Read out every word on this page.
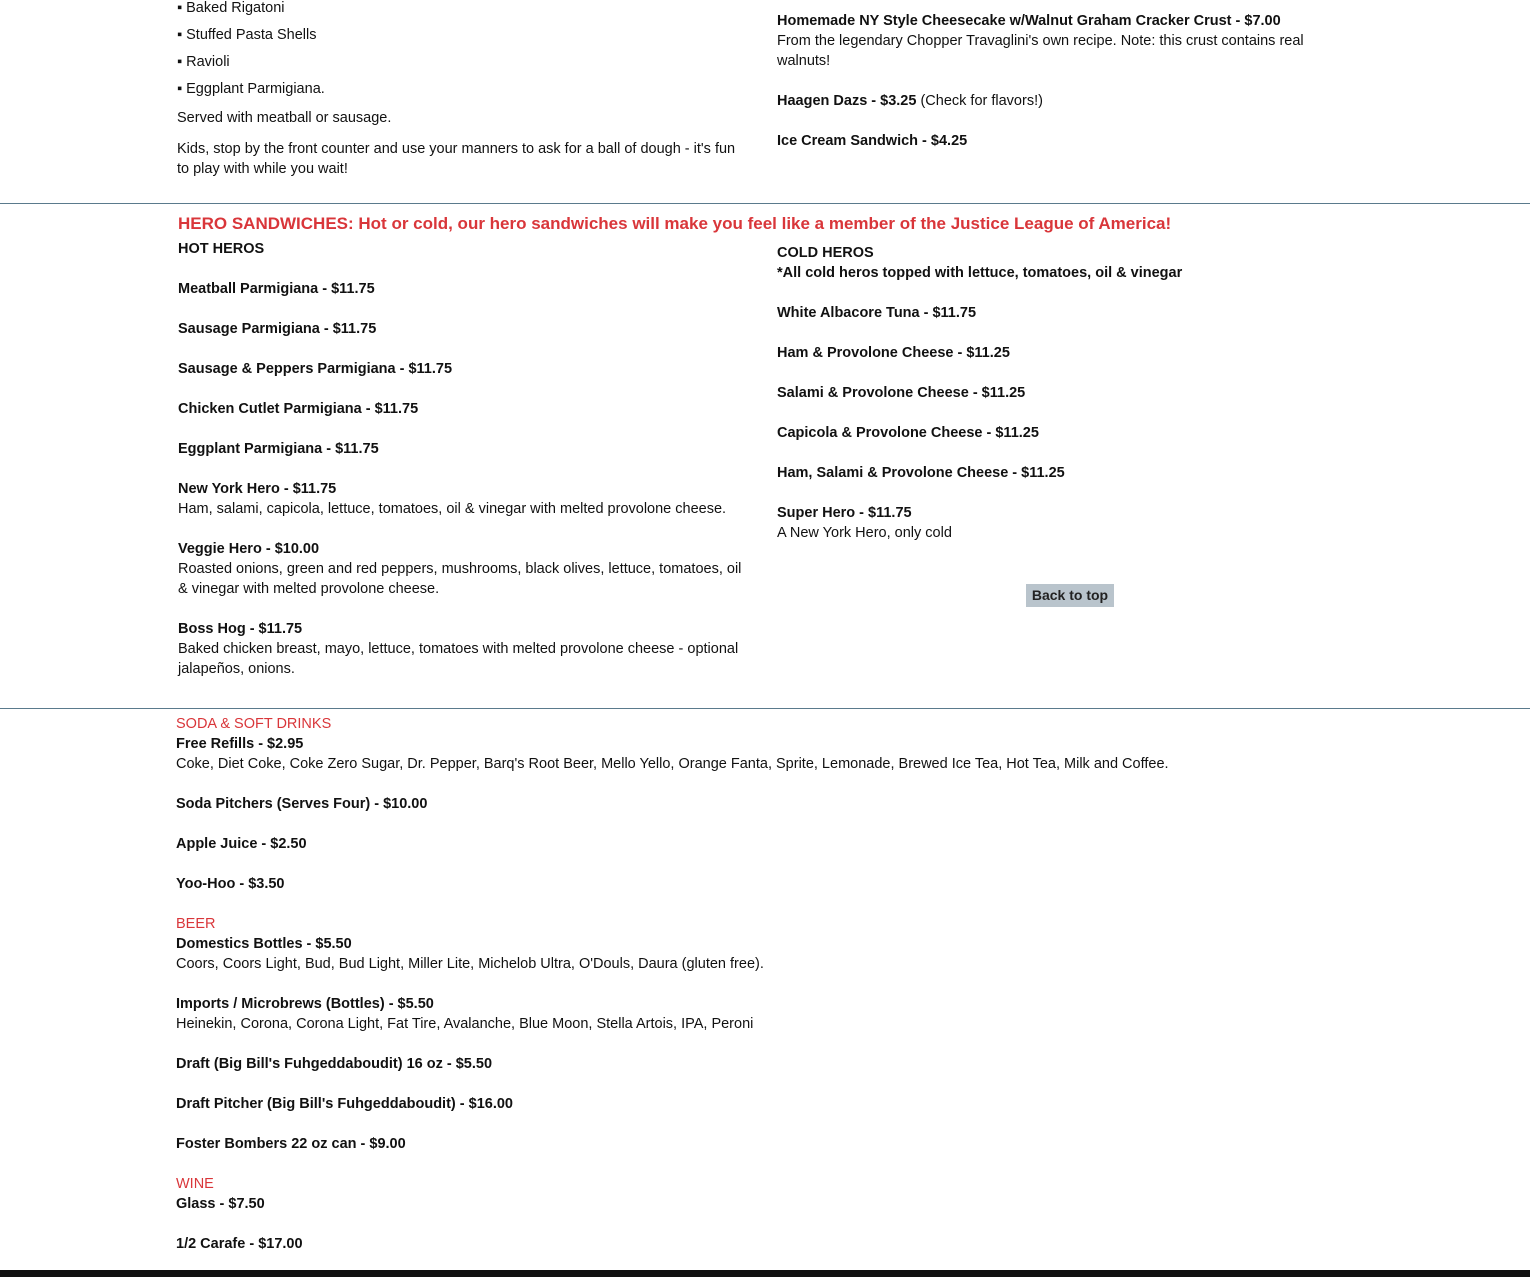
▪ Baked Rigatoni
▪ Stuffed Pasta Shells
▪ Ravioli
▪ Eggplant Parmigiana.

Served with meatball or sausage.

Kids, stop by the front counter and use your manners to ask for a ball of dough - it's fun to play with while you wait!

Homemade NY Style Cheesecake w/Walnut Graham Cracker Crust - $7.00

From the legendary Chopper Travaglini's own recipe. Note: this crust contains real walnuts!

Haagen Dazs - $3.25 (Check for flavors!)

Ice Cream Sandwich - $4.25

HERO SANDWICHES: Hot or cold, our hero sandwiches will make you feel like a member of the Justice League of America!

HOT HEROS

Meatball Parmigiana - $11.75

Sausage Parmigiana - $11.75

Sausage & Peppers Parmigiana - $11.75

Chicken Cutlet Parmigiana - $11.75

Eggplant Parmigiana - $11.75

New York Hero - $11.75

Ham, salami, capicola, lettuce, tomatoes, oil & vinegar with melted provolone cheese.

Veggie Hero - $10.00

Roasted onions, green and red peppers, mushrooms, black olives, lettuce, tomatoes, oil & vinegar with melted provolone cheese.

Boss Hog - $11.75

Baked chicken breast, mayo, lettuce, tomatoes with melted provolone cheese - optional jalapeños, onions.

COLD HEROS

*All cold heros topped with lettuce, tomatoes, oil & vinegar

White Albacore Tuna - $11.75

Ham & Provolone Cheese - $11.25

Salami & Provolone Cheese - $11.25

Capicola & Provolone Cheese - $11.25

Ham, Salami & Provolone Cheese - $11.25

Super Hero - $11.75

A New York Hero, only cold

Back to top

SODA & SOFT DRINKS

Free Refills - $2.95

Coke, Diet Coke, Coke Zero Sugar, Dr. Pepper, Barq's Root Beer, Mello Yello, Orange Fanta, Sprite, Lemonade, Brewed Ice Tea, Hot Tea, Milk and Coffee.

Soda Pitchers (Serves Four) - $10.00

Apple Juice - $2.50

Yoo-Hoo - $3.50

BEER

Domestics Bottles - $5.50

Coors, Coors Light, Bud, Bud Light, Miller Lite, Michelob Ultra, O'Douls, Daura (gluten free).

Imports / Microbrews (Bottles) - $5.50

Heinekin, Corona, Corona Light, Fat Tire, Avalanche, Blue Moon, Stella Artois, IPA, Peroni

Draft (Big Bill's Fuhgeddaboudit) 16 oz - $5.50

Draft Pitcher (Big Bill's Fuhgeddaboudit) - $16.00

Foster Bombers 22 oz can - $9.00

WINE

Glass - $7.50

1/2 Carafe - $17.00
